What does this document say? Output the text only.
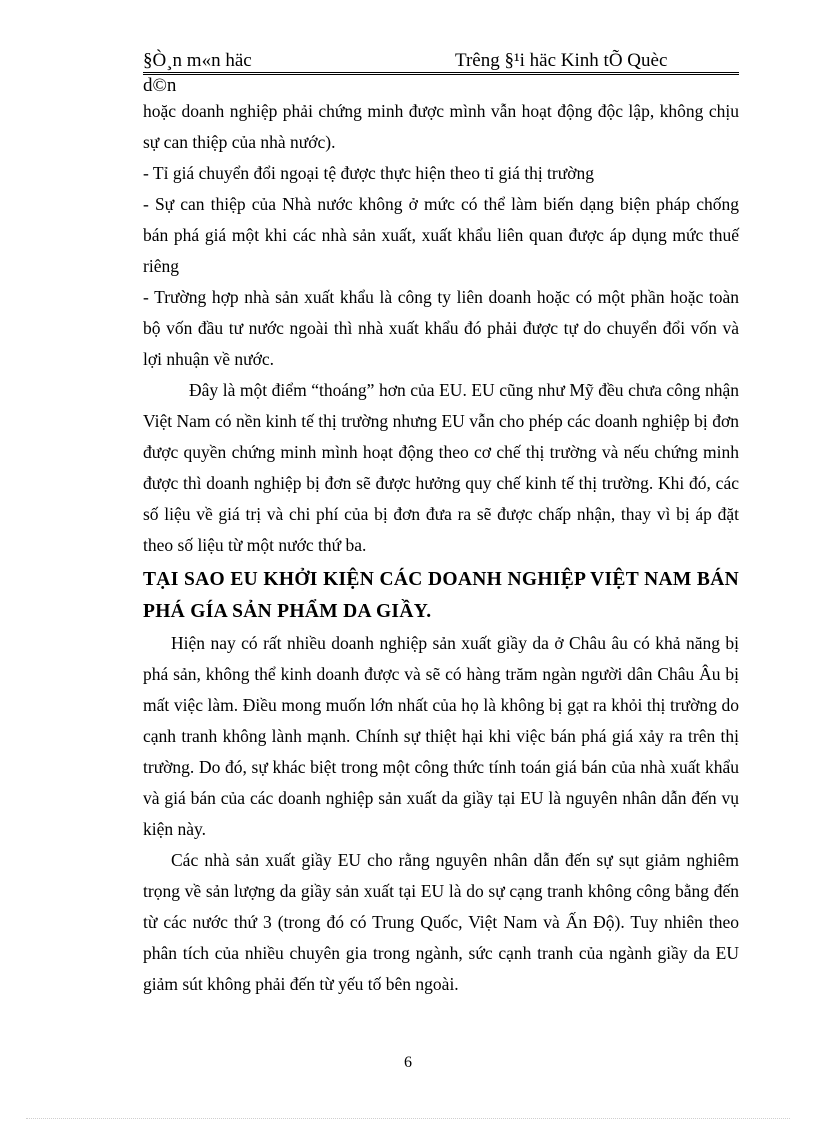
§Ò¸n m«n häc	Trêng §¹i häc Kinh tÕ Quèc
d©n

hoặc doanh nghiệp phải chứng minh được mình vẫn hoạt động độc lập, không chịu sự can thiệp của nhà nước).

- Tỉ giá chuyển đổi ngoại tệ được thực hiện theo tỉ giá thị trường

- Sự can thiệp của Nhà nước không ở mức có thể làm biến dạng biện pháp chống bán phá giá một khi các nhà sản xuất, xuất khẩu liên quan được áp dụng mức thuế riêng

- Trường hợp nhà sản xuất khẩu là công ty liên doanh hoặc có một phần hoặc toàn bộ vốn đầu tư nước ngoài thì nhà xuất khẩu đó phải được tự do chuyển đổi vốn và lợi nhuận về nước.

Đây là một điểm “thoáng” hơn của EU. EU cũng như Mỹ đều chưa công nhận Việt Nam có nền kinh tế thị trường nhưng EU vẫn cho phép các doanh nghiệp bị đơn được quyền chứng minh mình hoạt động theo cơ chế thị trường và nếu chứng minh được thì doanh nghiệp bị đơn sẽ được hưởng quy chế kinh tế thị trường. Khi đó, các số liệu về giá trị và chi phí của bị đơn đưa ra sẽ được chấp nhận, thay vì bị áp đặt theo số liệu từ một nước thứ ba.

TẠI SAO EU KHỞI KIỆN CÁC DOANH NGHIỆP VIỆT NAM BÁN PHÁ GÍA SẢN PHẨM DA GIẦY.

Hiện nay có rất nhiều doanh nghiệp sản xuất giầy da ở Châu âu có khả năng bị phá sản, không thể kinh doanh được và sẽ có hàng trăm ngàn người dân Châu Âu bị mất việc làm. Điều mong muốn lớn nhất của họ là không bị gạt ra khỏi thị trường do cạnh tranh không lành mạnh. Chính sự thiệt hại khi việc bán phá giá xảy ra trên thị trường. Do đó, sự khác biệt trong một công thức tính toán giá bán của nhà xuất khẩu và giá bán của các doanh nghiệp sản xuất da giầy tại EU là nguyên nhân dẫn đến vụ kiện này.

Các nhà sản xuất giầy EU cho rằng nguyên nhân dẫn đến sự sụt giảm nghiêm trọng về sản lượng da giầy sản xuất tại EU là do sự cạng tranh không công bằng đến từ các nước thứ 3 (trong đó có Trung Quốc, Việt Nam và Ấn Độ). Tuy nhiên theo phân tích của nhiều chuyên gia trong ngành, sức cạnh tranh của ngành giầy da EU giảm sút không phải đến từ yếu tố bên ngoài.

6
